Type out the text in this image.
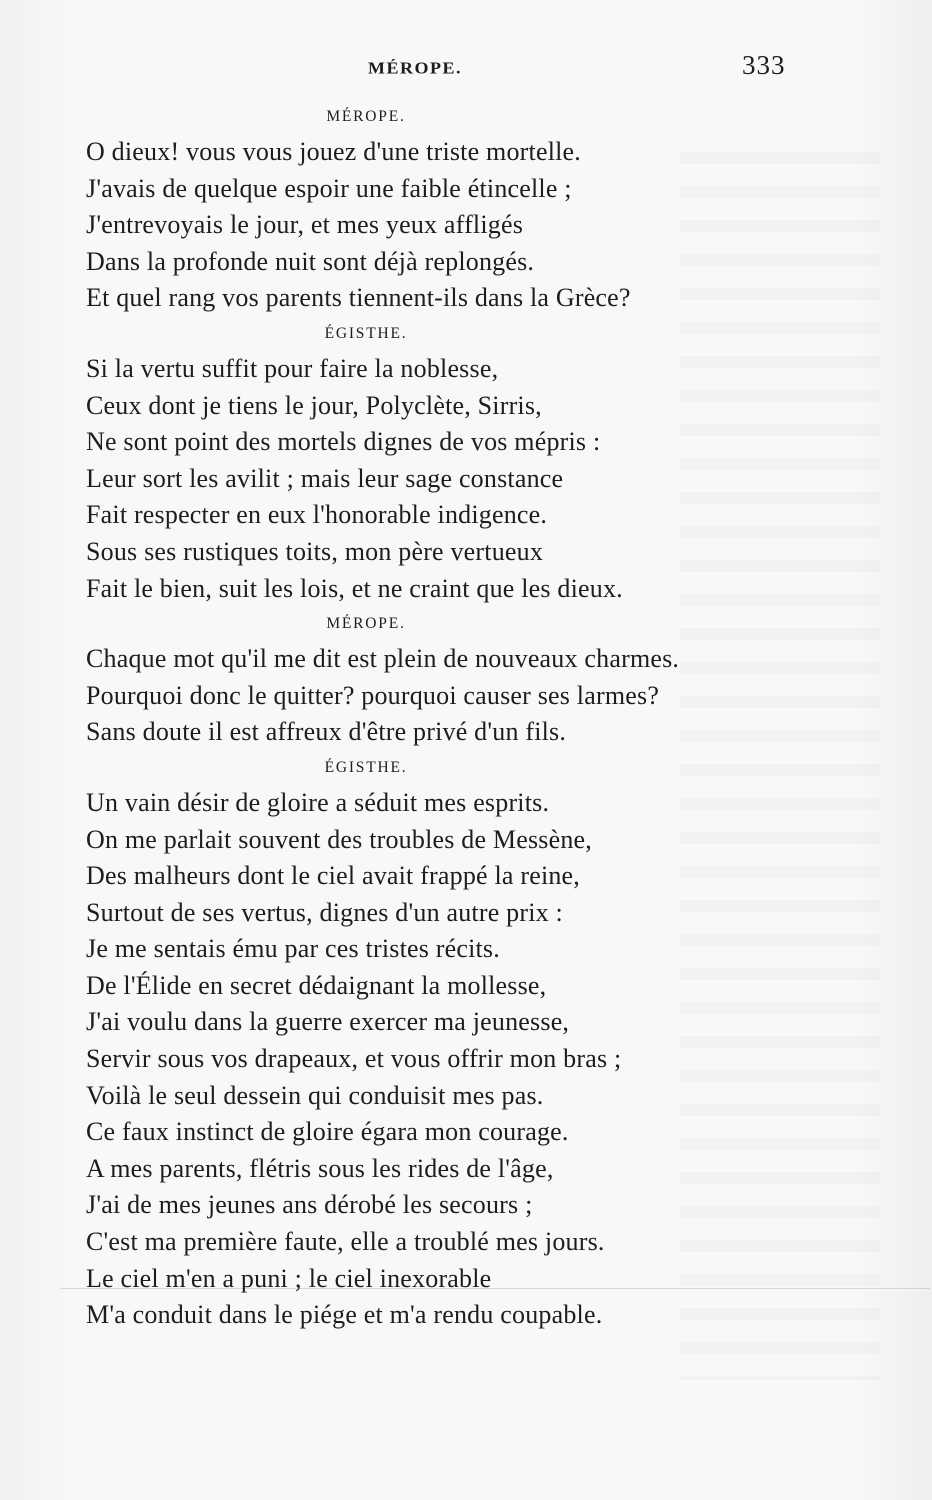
MÉROPE.	333
MÉROPE.
O dieux! vous vous jouez d'une triste mortelle.
J'avais de quelque espoir une faible étincelle ;
J'entrevoyais le jour, et mes yeux affligés
Dans la profonde nuit sont déjà replongés.
Et quel rang vos parents tiennent-ils dans la Grèce?
ÉGISTHE.
Si la vertu suffit pour faire la noblesse,
Ceux dont je tiens le jour, Polyclète, Sirris,
Ne sont point des mortels dignes de vos mépris :
Leur sort les avilit ; mais leur sage constance
Fait respecter en eux l'honorable indigence.
Sous ses rustiques toits, mon père vertueux
Fait le bien, suit les lois, et ne craint que les dieux.
MÉROPE.
Chaque mot qu'il me dit est plein de nouveaux charmes.
Pourquoi donc le quitter? pourquoi causer ses larmes?
Sans doute il est affreux d'être privé d'un fils.
ÉGISTHE.
Un vain désir de gloire a séduit mes esprits.
On me parlait souvent des troubles de Messène,
Des malheurs dont le ciel avait frappé la reine,
Surtout de ses vertus, dignes d'un autre prix :
Je me sentais ému par ces tristes récits.
De l'Élide en secret dédaignant la mollesse,
J'ai voulu dans la guerre exercer ma jeunesse,
Servir sous vos drapeaux, et vous offrir mon bras ;
Voilà le seul dessein qui conduisit mes pas.
Ce faux instinct de gloire égara mon courage.
A mes parents, flétris sous les rides de l'âge,
J'ai de mes jeunes ans dérobé les secours ;
C'est ma première faute, elle a troublé mes jours.
Le ciel m'en a puni ; le ciel inexorable
M'a conduit dans le piége et m'a rendu coupable.
